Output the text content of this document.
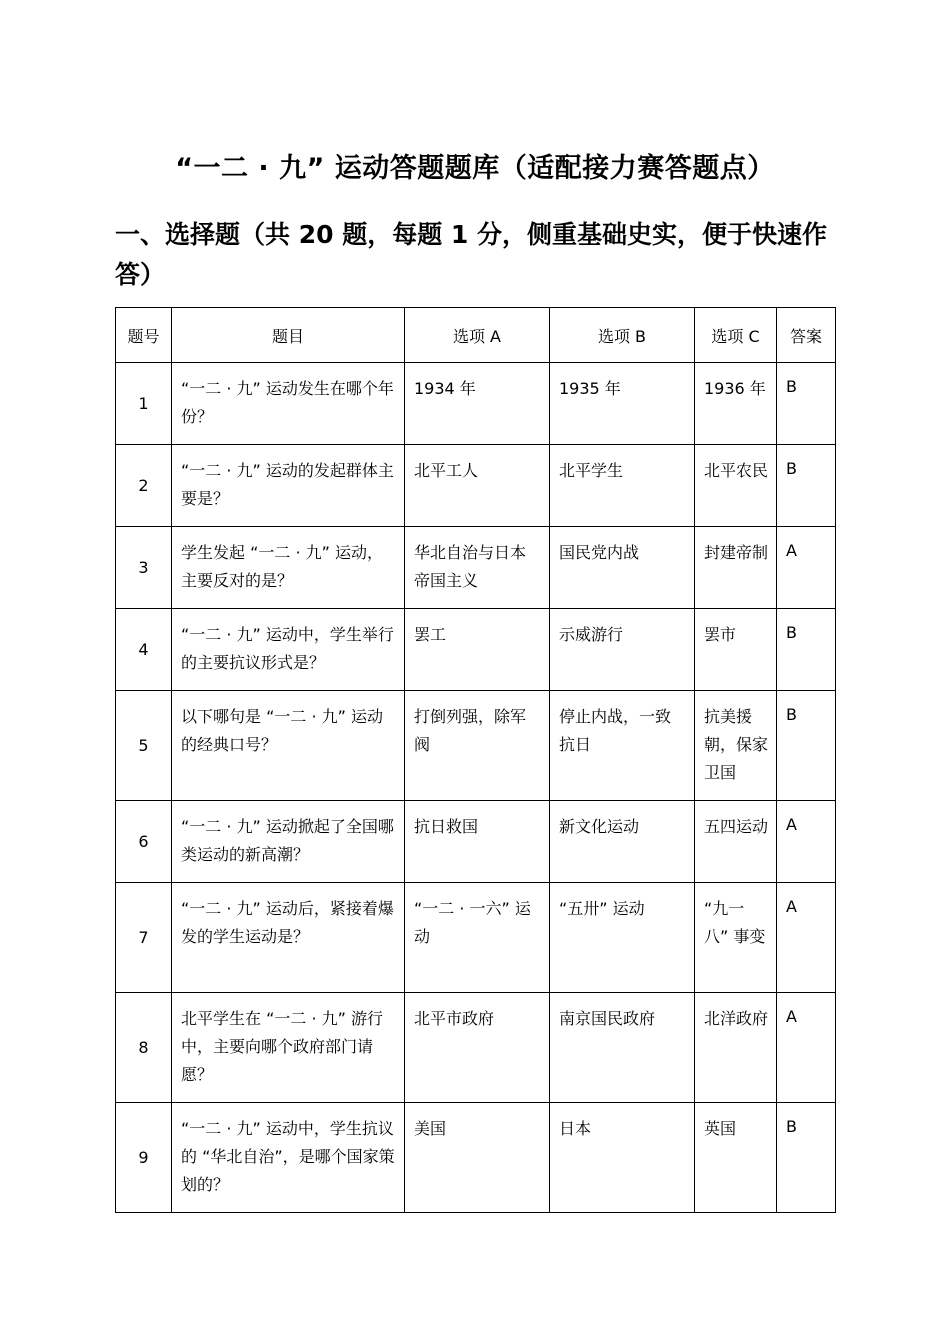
“一二 · 九” 运动答题题库（适配接力赛答题点）
一、选择题（共 20 题，每题 1 分，侧重基础史实，便于快速作答）
题号	题目	选项 A	选项 B	选项 C	答案
1	“一二 · 九” 运动发生在哪个年份？	1934 年	1935 年	1936 年	B
2	“一二 · 九” 运动的发起群体主要是？	北平工人	北平学生	北平农民	B
3	学生发起 “一二 · 九” 运动，主要反对的是？	华北自治与日本帝国主义	国民党内战	封建帝制	A
4	“一二 · 九” 运动中，学生举行的主要抗议形式是？	罢工	示威游行	罢市	B
5	以下哪句是 “一二 · 九” 运动的经典口号？	打倒列强，除军阀	停止内战，一致抗日	抗美援朝，保家卫国	B
6	“一二 · 九” 运动掀起了全国哪类运动的新高潮？	抗日救国	新文化运动	五四运动	A
7	“一二 · 九” 运动后，紧接着爆发的学生运动是？	“一二 · 一六” 运动	“五卅” 运动	“九一八” 事变	A
8	北平学生在 “一二 · 九” 游行中，主要向哪个政府部门请愿？	北平市政府	南京国民政府	北洋政府	A
9	“一二 · 九” 运动中，学生抗议的 “华北自治”，是哪个国家策划的？	美国	日本	英国	B
